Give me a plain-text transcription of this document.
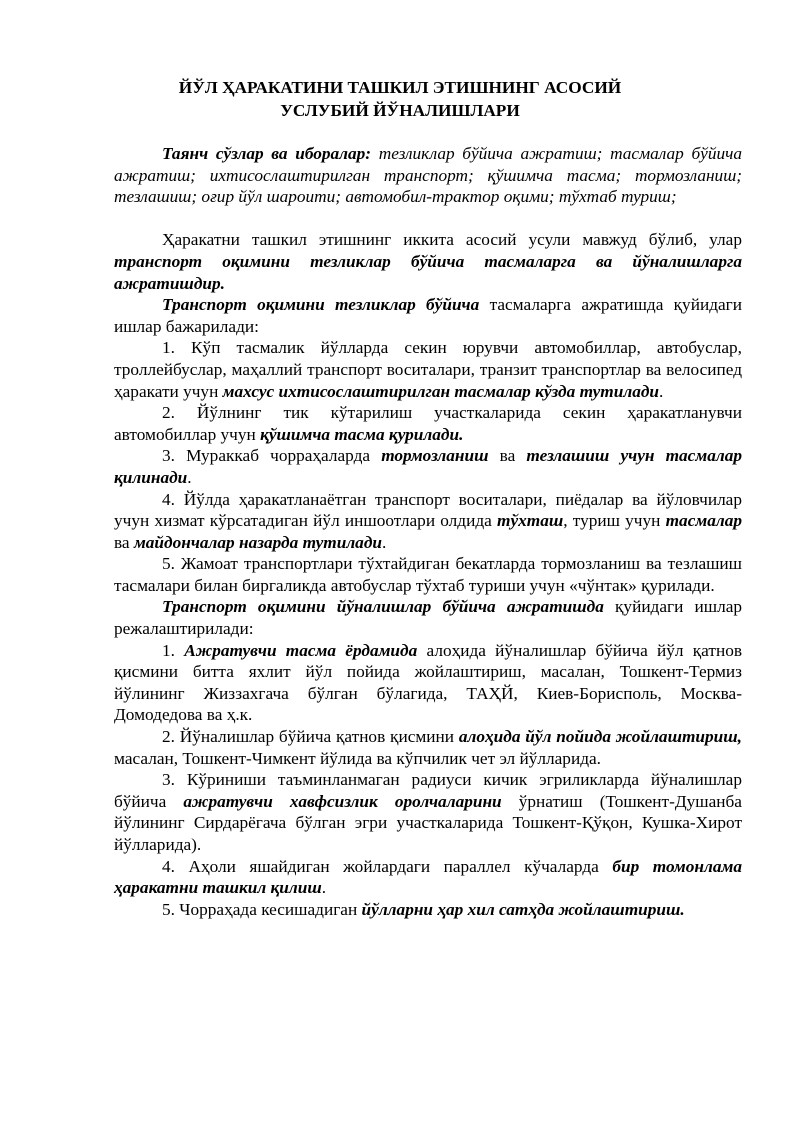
ЙЎЛ ҲАРАКАТИНИ ТАШКИЛ ЭТИШНИНГ АСОСИЙ
УСЛУБИЙ ЙЎНАЛИШЛАРИ

Таянч сўзлар ва иборалар: тезликлар бўйича ажратиш; тасмалар бўйича ажратиш; ихтисослаштирилган транспорт; қўшимча тасма; тормозланиш; тезлашиш; оғир йўл шароити; автомобил-трактор оқими; тўхтаб туриш;

Ҳаракатни ташкил этишнинг иккита асосий усули мавжуд бўлиб, улар транспорт оқимини тезликлар бўйича тасмаларга ва йўналишларга ажратишдир.

Транспорт оқимини тезликлар бўйича тасмаларга ажратишда қуйидаги ишлар бажарилади:

1. Кўп тасмалик йўлларда секин юрувчи автомобиллар, автобуслар, троллейбуслар, маҳаллий транспорт воситалари, транзит транспортлар ва велосипед ҳаракати учун махсус ихтисослаштирилган тасмалар кўзда тутилади.

2. Йўлнинг тик кўтарилиш участкаларида секин ҳаракатланувчи автомобиллар учун қўшимча тасма қурилади.

3. Мураккаб чорраҳаларда тормозланиш ва тезлашиш учун тасмалар қилинади.

4. Йўлда ҳаракатланаётган транспорт воситалари, пиёдалар ва йўловчилар учун хизмат кўрсатадиган йўл иншоотлари олдида тўхташ, туриш учун тасмалар ва майдончалар назарда тутилади.

5. Жамоат транспортлари тўхтайдиган бекатларда тормозланиш ва тезлашиш тасмалари билан биргаликда автобуслар тўхтаб туриши учун «чўнтак» қурилади.

Транспорт оқимини йўналишлар бўйича ажратишда қуйидаги ишлар режалаштирилади:

1. Ажратувчи тасма ёрдамида алоҳида йўналишлар бўйича йўл қатнов қисмини битта яхлит йўл пойида жойлаштириш, масалан, Тошкент-Термиз йўлининг Жиззахгача бўлган бўлагида, ТАҲЙ, Киев-Борисполь, Москва-Домодедова ва ҳ.к.

2. Йўналишлар бўйича қатнов қисмини алоҳида йўл пойида жойлаштириш, масалан, Тошкент-Чимкент йўлида ва кўпчилик чет эл йўлларида.

3. Кўриниши таъминланмаган радиуси кичик эгриликларда йўналишлар бўйича ажратувчи хавфсизлик оролчаларини ўрнатиш (Тошкент-Душанба йўлининг Сирдарёгача бўлган эгри участкаларида Тошкент-Қўқон, Кушка-Хирот йўлларида).

4. Аҳоли яшайдиган жойлардаги параллел кўчаларда бир томонлама ҳаракатни ташкил қилиш.

5. Чорраҳада кесишадиган йўлларни ҳар хил сатҳда жойлаштириш.
